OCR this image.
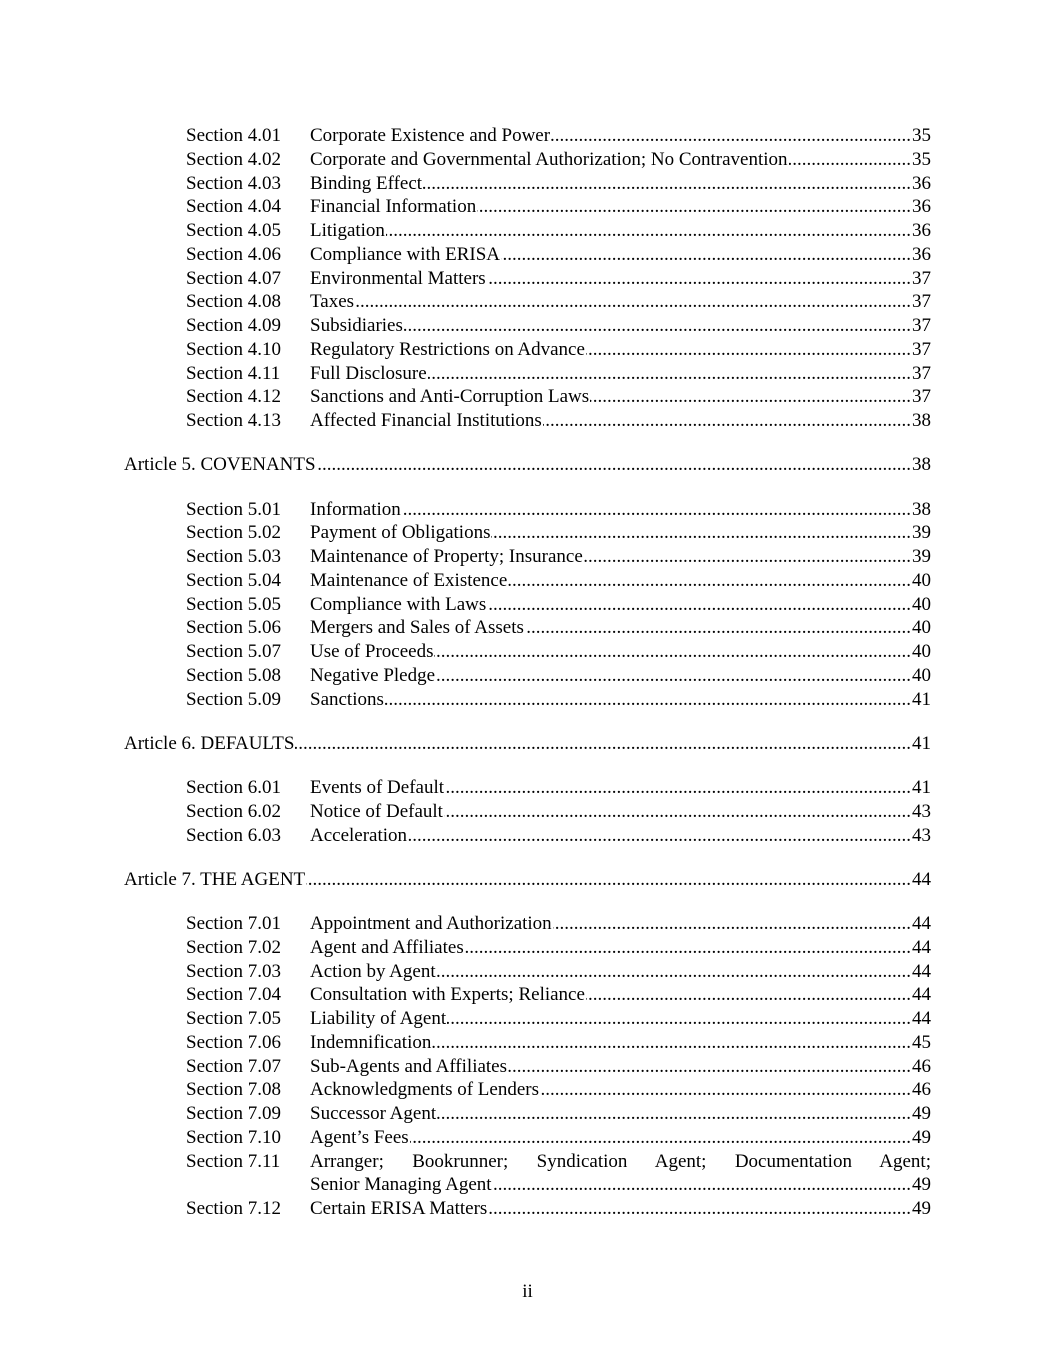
Section 4.01 Corporate Existence and Power .....	35
Section 4.02 Corporate and Governmental Authorization; No Contravention .....	35
Section 4.03 Binding Effect .....	36
Section 4.04 Financial Information .....	36
Section 4.05 Litigation .....	36
Section 4.06 Compliance with ERISA .....	36
Section 4.07 Environmental Matters .....	37
Section 4.08 Taxes .....	37
Section 4.09 Subsidiaries .....	37
Section 4.10 Regulatory Restrictions on Advance .....	37
Section 4.11 Full Disclosure .....	37
Section 4.12 Sanctions and Anti-Corruption Laws .....	37
Section 4.13 Affected Financial Institutions .....	38
Article 5. COVENANTS .....	38
Section 5.01 Information .....	38
Section 5.02 Payment of Obligations .....	39
Section 5.03 Maintenance of Property; Insurance .....	39
Section 5.04 Maintenance of Existence .....	40
Section 5.05 Compliance with Laws .....	40
Section 5.06 Mergers and Sales of Assets .....	40
Section 5.07 Use of Proceeds .....	40
Section 5.08 Negative Pledge .....	40
Section 5.09 Sanctions .....	41
Article 6. DEFAULTS .....	41
Section 6.01 Events of Default .....	41
Section 6.02 Notice of Default .....	43
Section 6.03 Acceleration .....	43
Article 7. THE AGENT .....	44
Section 7.01 Appointment and Authorization .....	44
Section 7.02 Agent and Affiliates .....	44
Section 7.03 Action by Agent .....	44
Section 7.04 Consultation with Experts; Reliance .....	44
Section 7.05 Liability of Agent .....	44
Section 7.06 Indemnification .....	45
Section 7.07 Sub-Agents and Affiliates .....	46
Section 7.08 Acknowledgments of Lenders .....	46
Section 7.09 Successor Agent .....	49
Section 7.10 Agent’s Fees .....	49
Section 7.11 Arranger; Bookrunner; Syndication Agent; Documentation Agent;
Senior Managing Agent .....	49
Section 7.12 Certain ERISA Matters .....	49
ii
